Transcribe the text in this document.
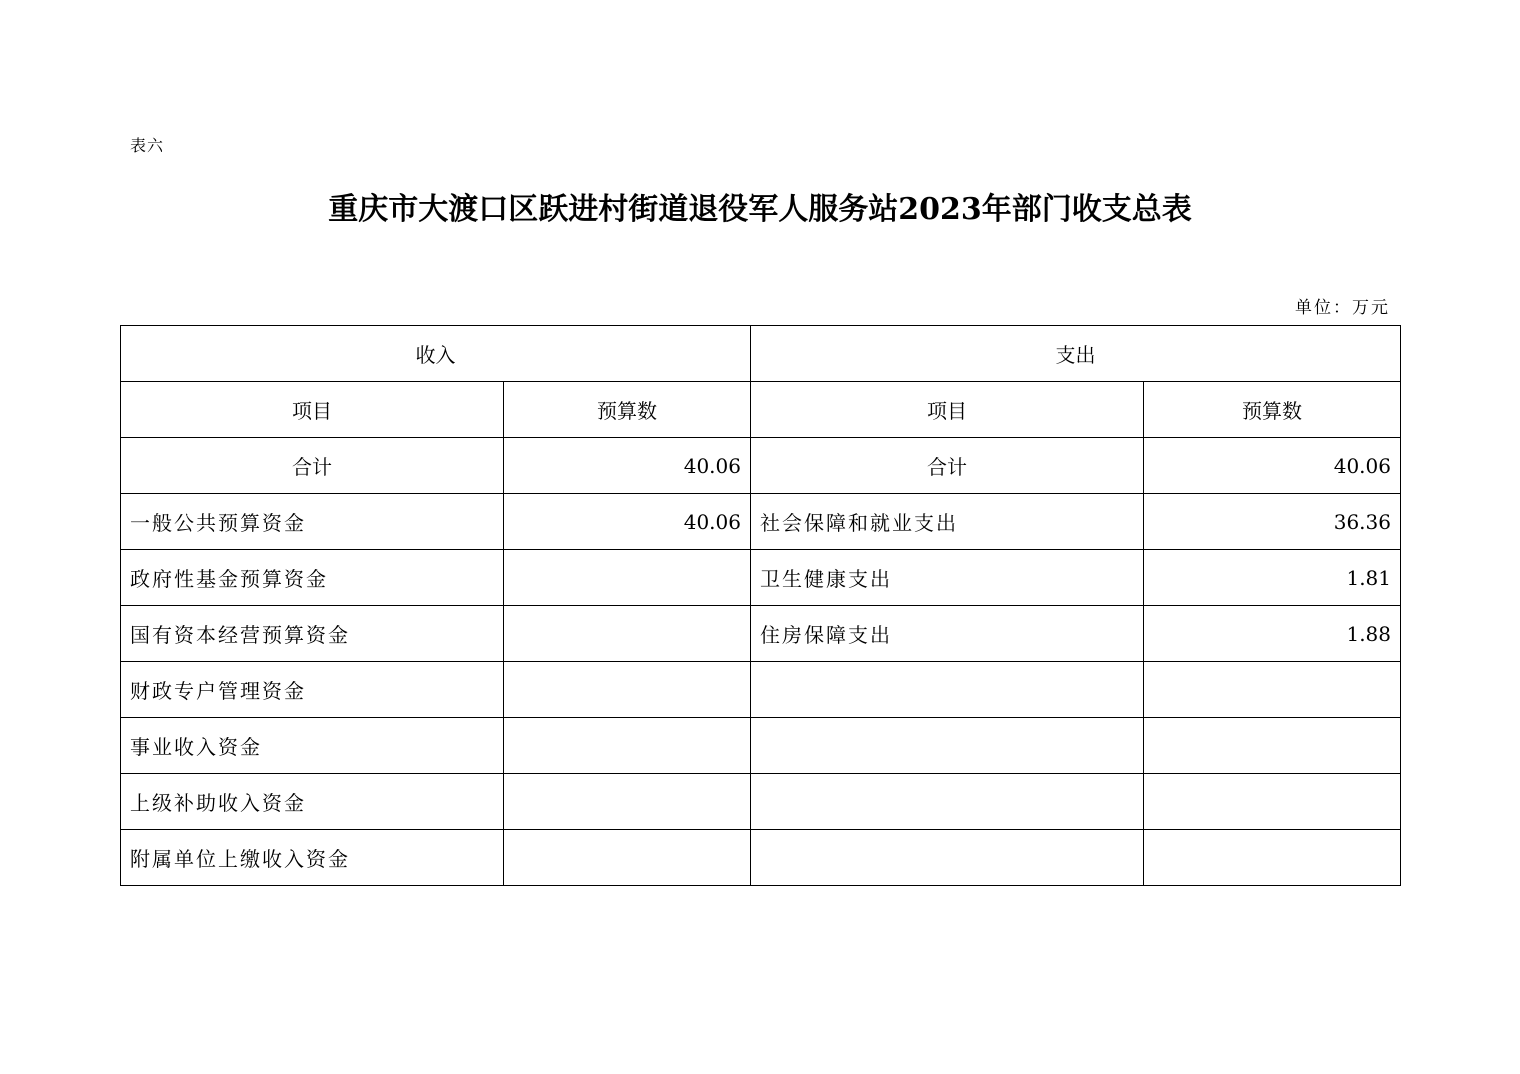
表六
重庆市大渡口区跃进村街道退役军人服务站2023年部门收支总表
单位：万元
收入		支出	
项目	预算数	项目	预算数
合计	40.06	合计	40.06
一般公共预算资金	40.06	社会保障和就业支出	36.36
政府性基金预算资金		卫生健康支出	1.81
国有资本经营预算资金		住房保障支出	1.88
财政专户管理资金			
事业收入资金			
上级补助收入资金			
附属单位上缴收入资金			
